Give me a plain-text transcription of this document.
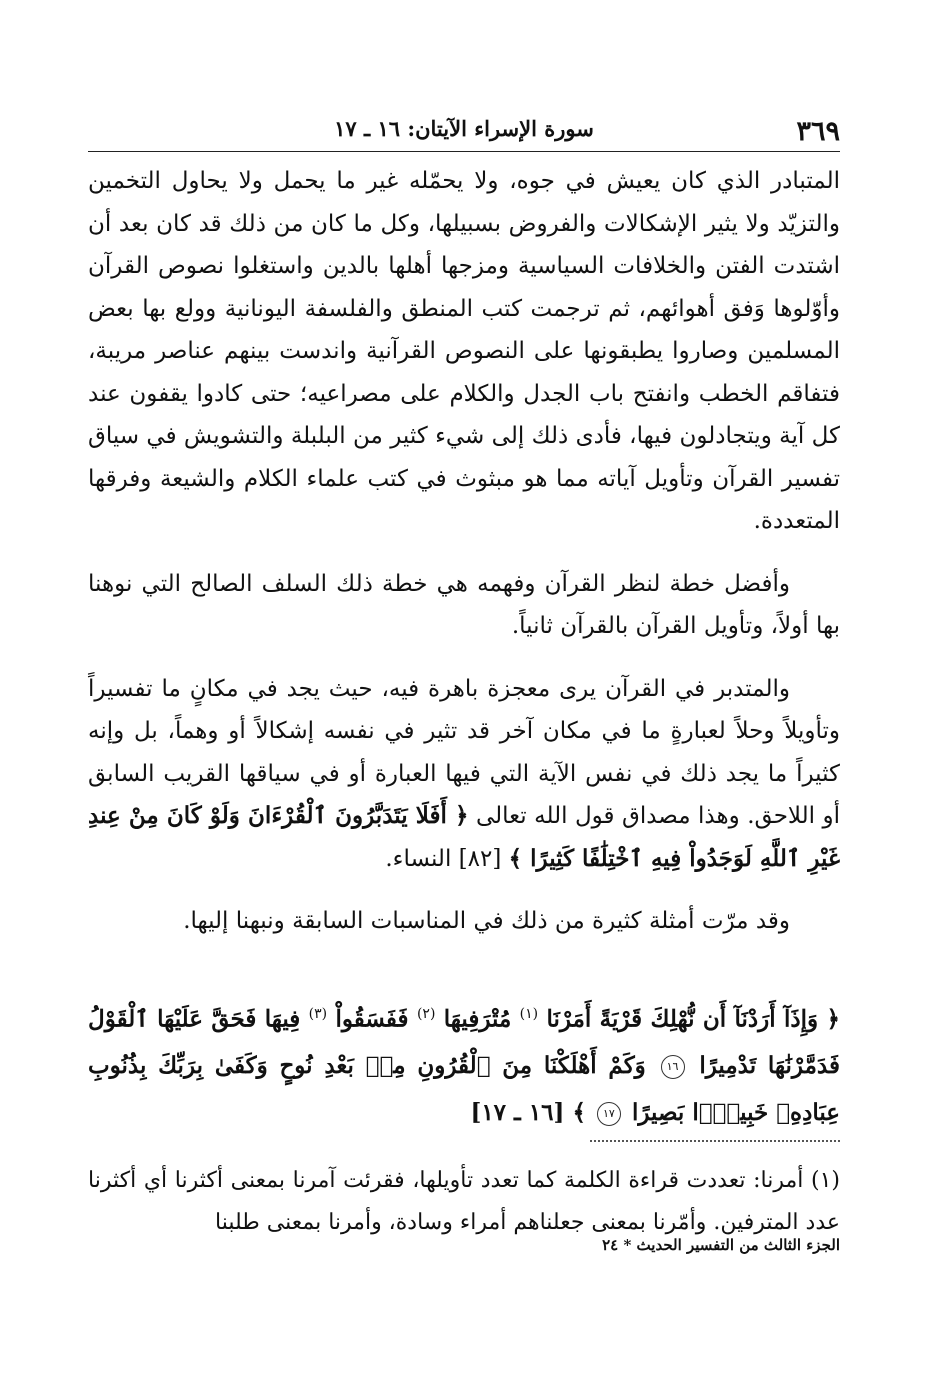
٣٦٩
سورة الإسراء الآيتان: ١٦ ـ ١٧

المتبادر الذي كان يعيش في جوه، ولا يحمّله غير ما يحمل ولا يحاول التخمين والتزيّد ولا يثير الإشكالات والفروض بسبيلها، وكل ما كان من ذلك قد كان بعد أن اشتدت الفتن والخلافات السياسية ومزجها أهلها بالدين واستغلوا نصوص القرآن وأوّلوها وَفق أهوائهم، ثم ترجمت كتب المنطق والفلسفة اليونانية وولع بها بعض المسلمين وصاروا يطبقونها على النصوص القرآنية واندست بينهم عناصر مريبة، فتفاقم الخطب وانفتح باب الجدل والكلام على مصراعيه؛ حتى كادوا يقفون عند كل آية ويتجادلون فيها، فأدى ذلك إلى شيء كثير من البلبلة والتشويش في سياق تفسير القرآن وتأويل آياته مما هو مبثوث في كتب علماء الكلام والشيعة وفرقها المتعددة.

وأفضل خطة لنظر القرآن وفهمه هي خطة ذلك السلف الصالح التي نوهنا بها أولاً، وتأويل القرآن بالقرآن ثانياً.

والمتدبر في القرآن يرى معجزة باهرة فيه، حيث يجد في مكانٍ ما تفسيراً وتأويلاً وحلاً لعبارةٍ ما في مكان آخر قد تثير في نفسه إشكالاً أو وهماً، بل وإنه كثيراً ما يجد ذلك في نفس الآية التي فيها العبارة أو في سياقها القريب السابق أو اللاحق. وهذا مصداق قول الله تعالى ﴿ أَفَلَا يَتَدَبَّرُونَ ٱلْقُرْءَانَ وَلَوْ كَانَ مِنْ عِندِ غَيْرِ ٱللَّهِ لَوَجَدُواْ فِيهِ ٱخْتِلَٰفًا كَثِيرًا ﴾ [٨٢] النساء.

وقد مرّت أمثلة كثيرة من ذلك في المناسبات السابقة ونبهنا إليها.

﴿ وَإِذَآ أَرَدْنَآ أَن نُّهْلِكَ قَرْيَةً أَمَرْنَا $^{(١)}$ مُتْرَفِيهَا $^{(٢)}$ فَفَسَقُواْ $^{(٣)}$ فِيهَا فَحَقَّ عَلَيْهَا ٱلْقَوْلُ فَدَمَّرْنَٰهَا تَدْمِيرًا ١٦ وَكَمْ أَهْلَكْنَا مِنَ ٱلْقُرُونِ مِنۢ بَعْدِ نُوحٍ وَكَفَىٰ بِرَبِّكَ بِذُنُوبِ عِبَادِهِۦ خَبِيرًۢا بَصِيرًا ١٧ ﴾ [١٦ ـ ١٧]

(١) أمرنا: تعددت قراءة الكلمة كما تعدد تأويلها، فقرئت آمرنا بمعنى أكثرنا أي أكثرنا عدد المترفين. وأمّرنا بمعنى جعلناهم أمراء وسادة، وأمرنا بمعنى طلبنا

الجزء الثالث من التفسير الحديث * ٢٤
